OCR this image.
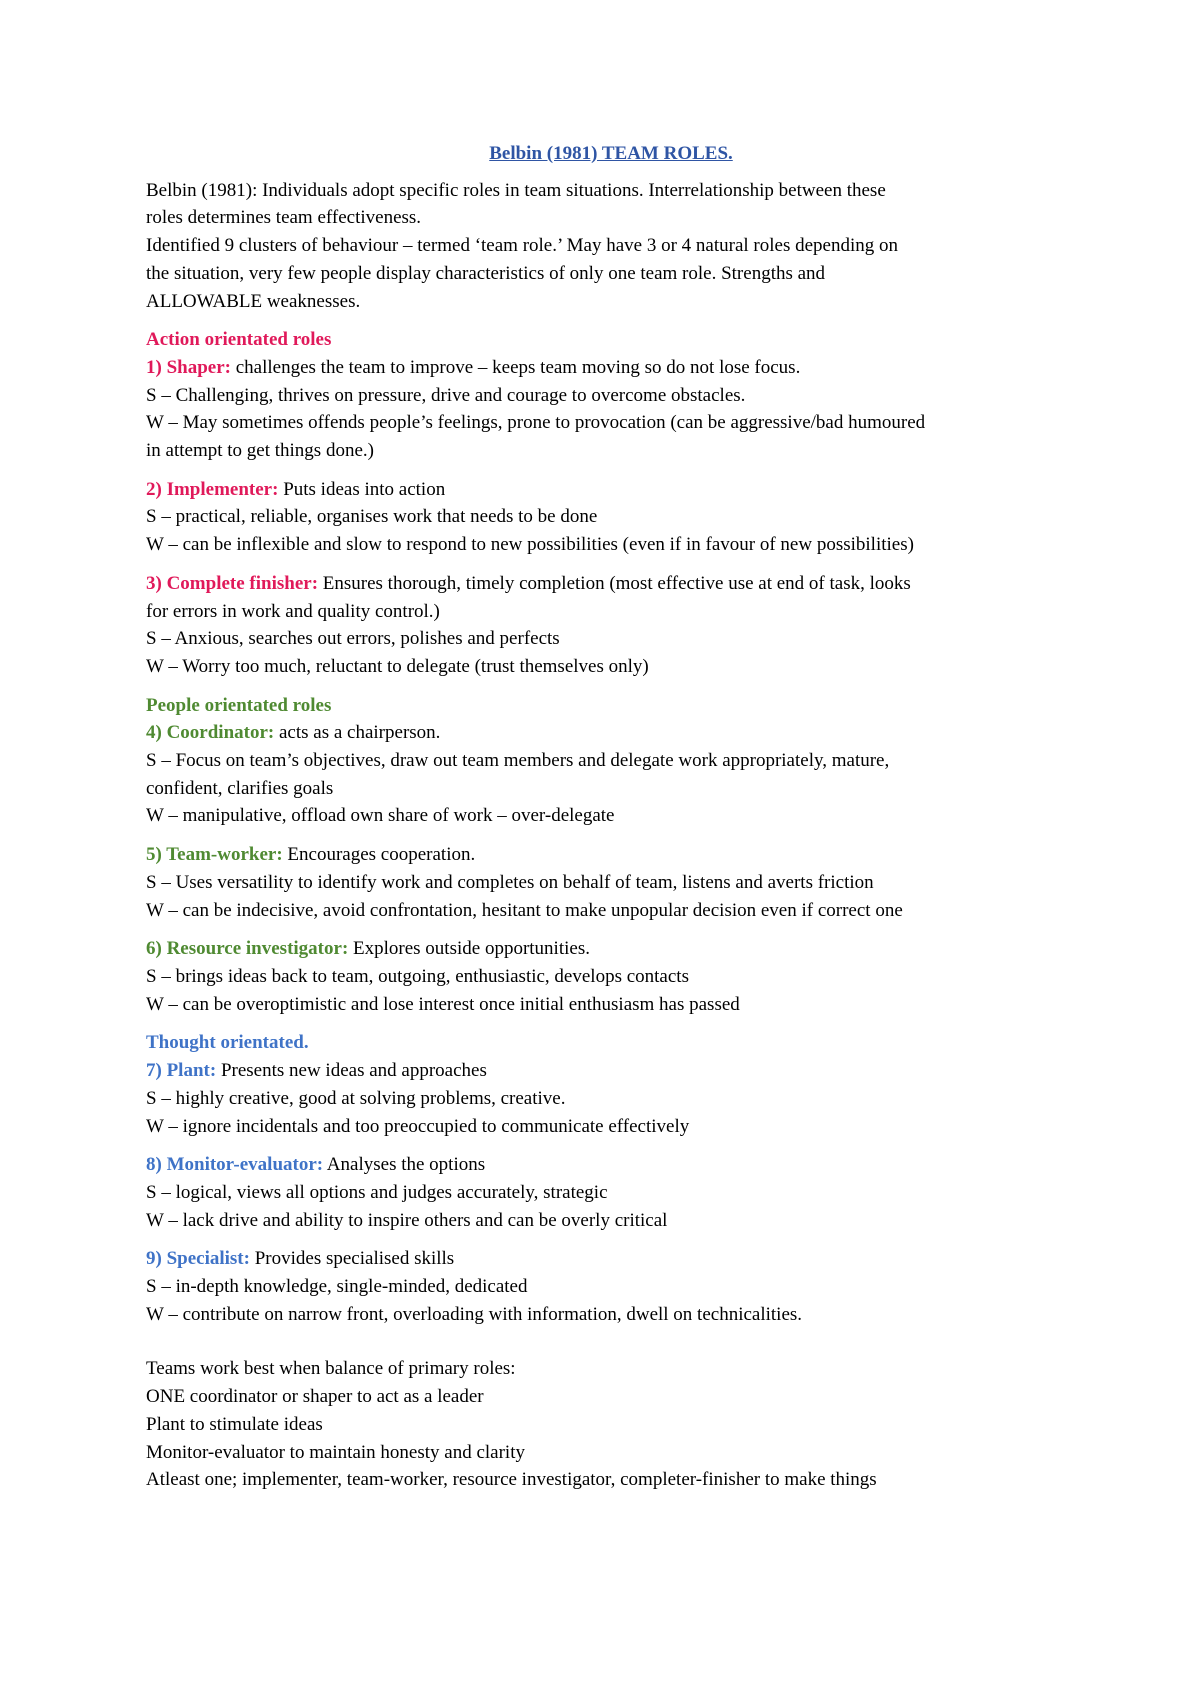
Belbin (1981) TEAM ROLES.

Belbin (1981): Individuals adopt specific roles in team situations. Interrelationship between these
roles determines team effectiveness.
Identified 9 clusters of behaviour – termed ‘team role.’ May have 3 or 4 natural roles depending on
the situation, very few people display characteristics of only one team role. Strengths and
ALLOWABLE weaknesses.

Action orientated roles
1) Shaper: challenges the team to improve – keeps team moving so do not lose focus.
S – Challenging, thrives on pressure, drive and courage to overcome obstacles.
W – May sometimes offends people’s feelings, prone to provocation (can be aggressive/bad humoured
in attempt to get things done.)

2) Implementer: Puts ideas into action
S – practical, reliable, organises work that needs to be done
W – can be inflexible and slow to respond to new possibilities (even if in favour of new possibilities)

3) Complete finisher: Ensures thorough, timely completion (most effective use at end of task, looks
for errors in work and quality control.)
S – Anxious, searches out errors, polishes and perfects
W – Worry too much, reluctant to delegate (trust themselves only)

People orientated roles
4) Coordinator: acts as a chairperson.
S – Focus on team’s objectives, draw out team members and delegate work appropriately, mature,
confident, clarifies goals
W – manipulative, offload own share of work – over-delegate

5) Team-worker: Encourages cooperation.
S – Uses versatility to identify work and completes on behalf of team, listens and averts friction
W – can be indecisive, avoid confrontation, hesitant to make unpopular decision even if correct one

6) Resource investigator: Explores outside opportunities.
S – brings ideas back to team, outgoing, enthusiastic, develops contacts
W – can be overoptimistic and lose interest once initial enthusiasm has passed

Thought orientated.
7) Plant: Presents new ideas and approaches
S – highly creative, good at solving problems, creative.
W – ignore incidentals and too preoccupied to communicate effectively

8) Monitor-evaluator: Analyses the options
S – logical, views all options and judges accurately, strategic
W – lack drive and ability to inspire others and can be overly critical

9) Specialist: Provides specialised skills
S – in-depth knowledge, single-minded, dedicated
W – contribute on narrow front, overloading with information, dwell on technicalities.

Teams work best when balance of primary roles:
ONE coordinator or shaper to act as a leader
Plant to stimulate ideas
Monitor-evaluator to maintain honesty and clarity
Atleast one; implementer, team-worker, resource investigator, completer-finisher to make things
